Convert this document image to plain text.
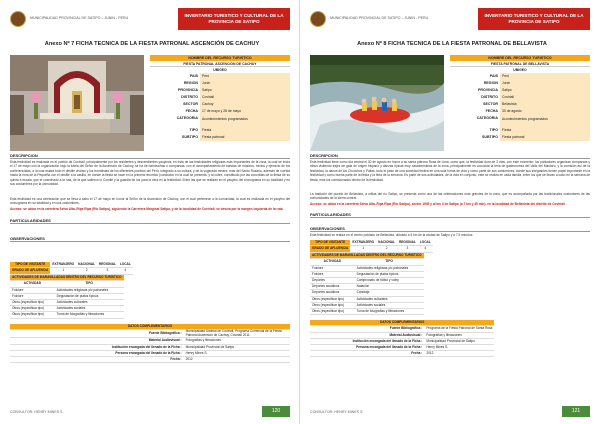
MUNICIPALIDAD PROVINCIAL DE SATIPO – JUNIN - PERU	INVENTARIO TURISTICO Y CULTURAL DE LA PROVINCIA DE SATIPO
Anexo Nº 7 FICHA TECNICA DE LA FIESTA PATRONAL ASCENCIÓN DE CACHUY
NOMBRE DEL RECURSO TURISTICO
FIESTA PATRONAL ASCENCIÓN DE CACHUY
UBIGEO
PAIS	Perú
REGION	Junín
PROVINCIA	Satipo
DISTRITO	Coviriali
SECTOR	Cachuy
FECHA	17 de mayo y 28 de mayo
CATEGORIA	Acontecimientos programados
TIPO	Fiesta
SUBTIPO	Fiesta patronal
DESCRIPCION
Esta festividad es realizada en el pueblo de Coviriali, principalmente por los residentes y descendientes yauyinos, en esta de las festividades religiosas más importantes de la zona, la cual se inicia el 17 de mayo con la organización bajo la tutela del Señor de la Ascensión de Cachuy, se ha de bambuchas o comparsas, con el acompañamiento de bandas de músicos, mixtos y ejercicio de los conferencistas, a la cual estará todo el desfile vistoso y los trombistas de los diferentes pueblos del Perú, integrado a su cultura, y de la sugerada misere, más del Santo Rosario, además de corrida hasta la hora de la Pequeña con el desfile a la casilla, en donde la fiesta se hace en la primera recorrido (conductor en la cual se presenta, y al cobre, constituido por las conoridas de la fiesta de su quinta a escala, que el cosechado a la ruta, de la que salieron lo Comité y la guardia de los para la vera en la festividad. Entre las que se realizan en el yauyino del cronograma en su totalidad y en sus costumbres por la comunidad.
Esta festividad es una celebración que se lleva a cabo el 17 de mayo en honor al Señor de la Ascensión de Cachuy, con el cual pertenece a la comunidad, la cual es realizada en el yauyino del cronograma en su totalidad y en sus costumbres.
Acceso: se ubica en la carretera Selva Alta–Ripa Ripa (Río Satipo), siguiendo la Carretera Marginal Satipo, y de la localidad de Coviriali, se desvía por la margen izquierda de la ruta.
PARTICULARIDADES
OBSERVACIONES
TIPO DE VISITANTE	EXTRANJERO	NACIONAL	REGIONAL	LOCAL
GRADO DE AFLUENCIA	1	2	3	4
ACTIVIDADES DE MARAVILLADAS DENTRO DEL RECURSO TURISTICO	
ACTIVIDAD	TIPO
Folclore	Actividades religiosas y/o patronales
Folclore	Degustación de platos típicos
Otros (especificar tipo)	Actividades culturales
Otros (especificar tipo)	Actividades sociales
Otros (especificar tipo)	Toma de fotografías y filmaciones
DATOS COMPLEMENTARIOS	
Fuente Bibliográfica :	Municipalidad Distrital de Coviriali, Programa Comercial de la Fiesta Patronal Ascensión de Cachuy, Coviriali 2011.
Material Audiovisual :	Fotografías y filmaciones
Institución encargada del llenado de la Ficha :	Municipalidad Provincial de Satipo
Persona encargada del llenado de la Ficha :	Henry Mines S.
Fecha :	2012
CONSULTOR: HENRY MINES S.	120
MUNICIPALIDAD PROVINCIAL DE SATIPO – JUNIN - PERU	INVENTARIO TURISTICO Y CULTURAL DE LA PROVINCIA DE SATIPO
Anexo Nº 8 FICHA TECNICA DE LA FIESTA PATRONAL DE BELLAVISTA
NOMBRE DEL RECURSO TURISTICO
FIESTA PATRONAL DE BELLAVISTA
UBIGEO
PAIS	Perú
REGION	Junín
PROVINCIA	Satipo
DISTRITO	Coviriali
SECTOR	Bellavista
FECHA	30 de agosto
CATEGORIA	Acontecimientos programados
TIPO	Fiesta
SUBTIPO	Fiesta patronal
DESCRIPCION
Esta festividad tiene como día central el 30 de agosto en honor a su santa patrona Rosa de Lima, como que, la festividad dura de 3 días, con este momento; los pobladores organizan comparsas y tribus vistiendo trajes de gala de origen hispano y danzas típicas muy características de la zona, principalmente es conocida la feria de gastronomía del Valle del Mantaro, y la comisión así de la festividad, la danza de los Chunchos y Pallas, todo el paso de una sociedad festiva en una sola forma de vida y como parte de sus costumbres, donde sus integrantes tienen papel importante en la festividad y como buena parte de la fiesta y la feria de la serranía. Es parte de sus actividades, de la vida en conjunto, este se realiza en cada familia, entre los que se llevan a cabo en la semana de fiesta, más los comisionados dentro de la festividad.
La tradición del pueblo de Bellavista, a orillas del río Satipo, se presenta como una de las celebraciones más grandes de la zona, que es acompañada por las tradicionales costumbres de las comunidades de la sierra central.
Acceso: se ubica en la carretera Selva Alta–Ripa Ripa (Río Satipo), sector 1945 y al km 3 de Satipo (a 7 km y 45 min), en la localidad de Bellavista del distrito de Coviriali.
PARTICULARIDADES
OBSERVACIONES
Esta festividad se realiza en el centro poblado de Bellavista, ubicado a 5 km de la ciudad de Satipo y a 7.5 minutos.
TIPO DE VISITANTE	EXTRANJERO	NACIONAL	REGIONAL	LOCAL
GRADO DE AFLUENCIA	1	2	3	4
ACTIVIDADES DE MARAVILLADAS DENTRO DEL RECURSO TURISTICO	
ACTIVIDAD	TIPO
Folclore	Actividades religiosas y/o patronales
Folclore	Degustación de platos típicos
Deportes	Campeonato de fútbol y vóley
Deportes acuáticos	Natación
Deportes acuáticos	Canotaje
Otros (especificar tipo)	Actividades culturales
Otros (especificar tipo)	Actividades sociales
Otros (especificar tipo)	Toma de fotografías y filmaciones
DATOS COMPLEMENTARIOS	
Fuente Bibliográfica :	Programa de la Fiesta Patronal de Santa Rosa
Material Audiovisual :	Fotografías y filmaciones
Institución encargada del llenado de la Ficha :	Municipalidad Provincial de Satipo
Persona encargada del llenado de la Ficha :	Henry Mines S.
Fecha :	2012
CONSULTOR: HENRY MINES S.	121
